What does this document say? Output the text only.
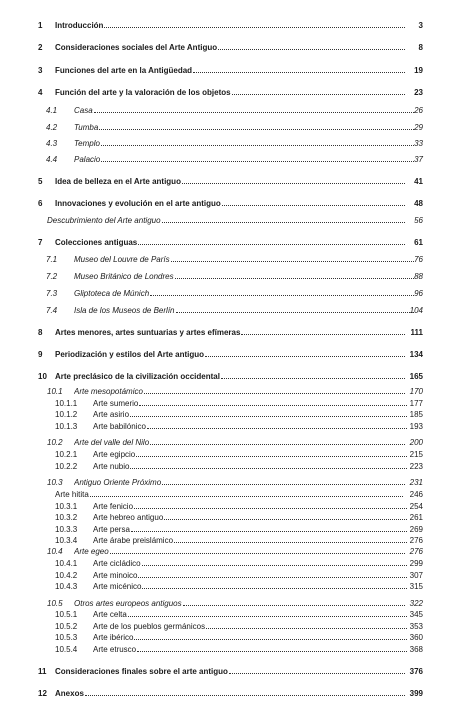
1 Introducción	3
2 Consideraciones sociales del Arte Antiguo	8
3 Funciones del arte en la Antigüedad	19
4 Función del arte y la valoración de los objetos	23
4.1 Casa	26
4.2 Tumba	29
4.3 Templo	33
4.4 Palacio	37
5 Idea de belleza en el Arte antiguo	41
6 Innovaciones y evolución en el arte antiguo	48
Descubrimiento del Arte antiguo	56
7 Colecciones antiguas	61
7.1 Museo del Louvre de París	76
7.2 Museo Británico de Londres	88
7.3 Gliptoteca de Múnich	96
7.4 Isla de los Museos de Berlín	104
8 Artes menores, artes suntuarias y artes efímeras	111
9 Periodización y estilos del Arte antiguo	134
10 Arte preclásico de la civilización occidental	165
10.1 Arte mesopotámico	170
10.1.1 Arte sumerio	177
10.1.2 Arte asirio	185
10.1.3 Arte babilónico	193
10.2 Arte del valle del Nilo	200
10.2.1 Arte egipcio	215
10.2.2 Arte nubio	223
10.3 Antiguo Oriente Próximo	231
Arte hitita	246
10.3.1 Arte fenicio	254
10.3.2 Arte hebreo antiguo	261
10.3.3 Arte persa	269
10.3.4 Arte árabe preislámico	276
10.4 Arte egeo	276
10.4.1 Arte cicládico	299
10.4.2 Arte minoico	307
10.4.3 Arte micénico	315
10.5 Otros artes europeos antiguos	322
10.5.1 Arte celta	345
10.5.2 Arte de los pueblos germánicos	353
10.5.3 Arte ibérico	360
10.5.4 Arte etrusco	368
11 Consideraciones finales sobre el arte antiguo	376
12 Anexos	399
